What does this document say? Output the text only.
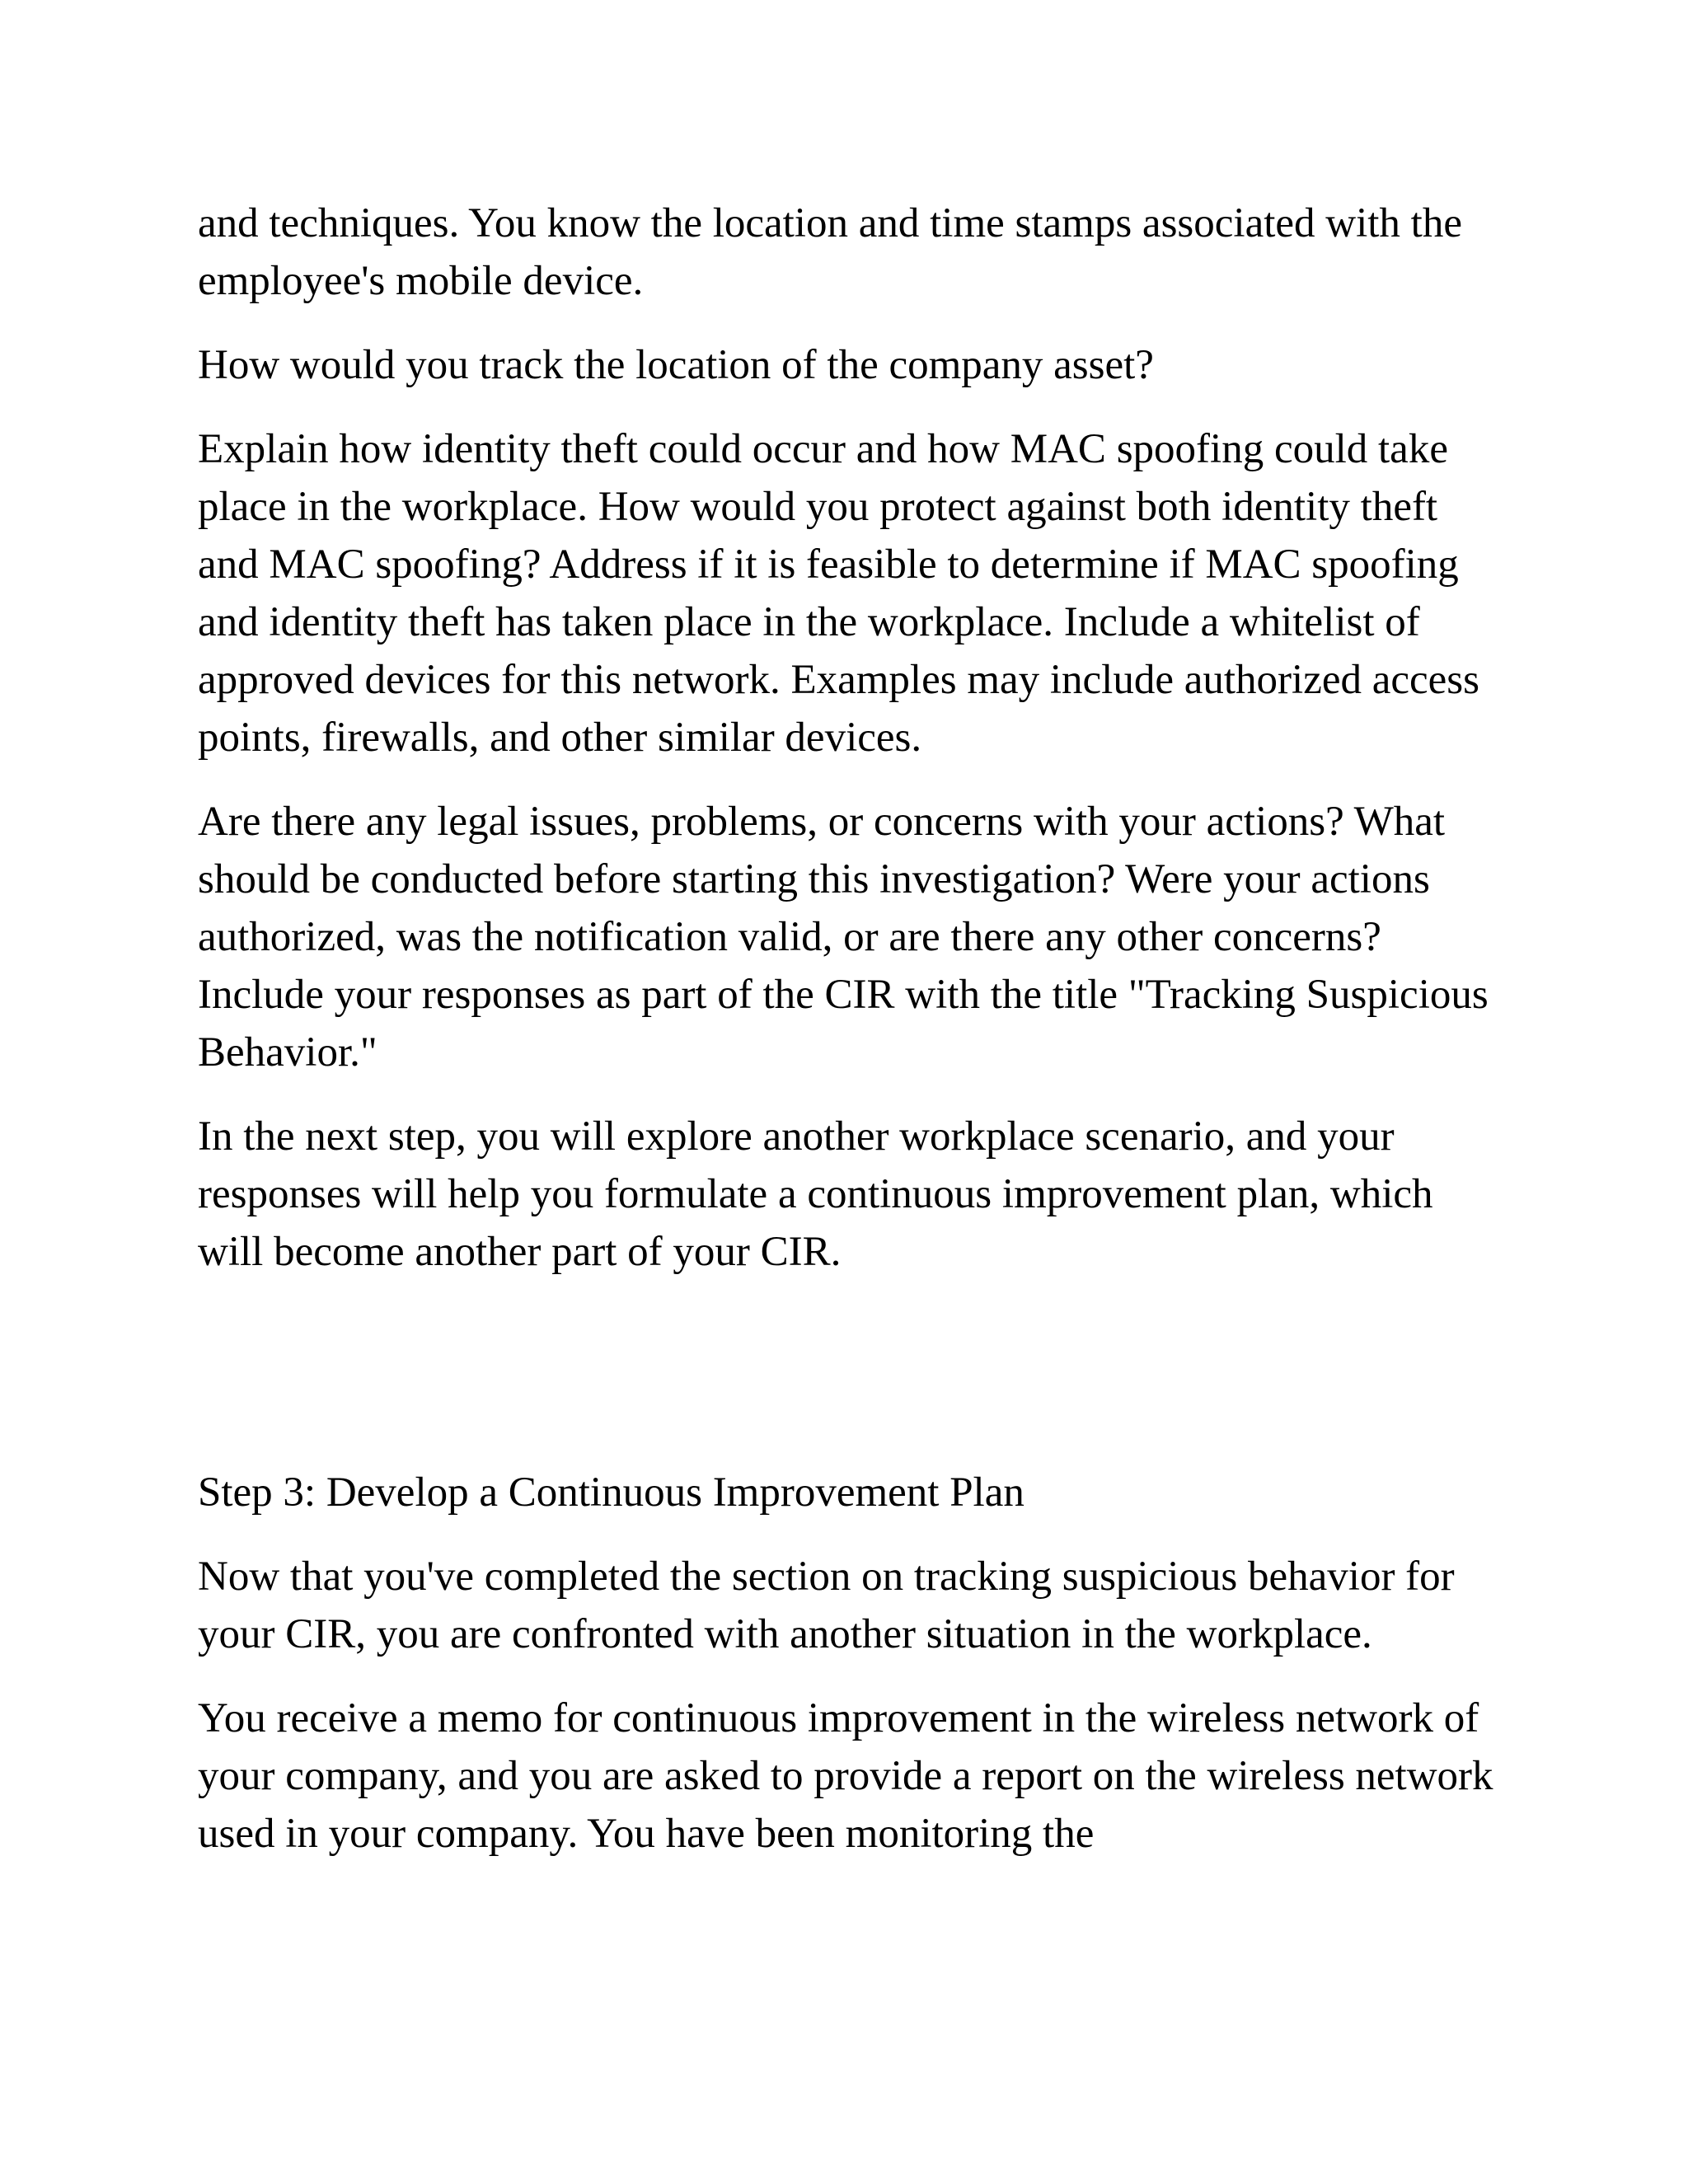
and techniques. You know the location and time stamps associated with the employee's mobile device.

How would you track the location of the company asset?

Explain how identity theft could occur and how MAC spoofing could take place in the workplace. How would you protect against both identity theft and MAC spoofing? Address if it is feasible to determine if MAC spoofing and identity theft has taken place in the workplace. Include a whitelist of approved devices for this network. Examples may include authorized access points, firewalls, and other similar devices.

Are there any legal issues, problems, or concerns with your actions? What should be conducted before starting this investigation? Were your actions authorized, was the notification valid, or are there any other concerns? Include your responses as part of the CIR with the title "Tracking Suspicious Behavior."

In the next step, you will explore another workplace scenario, and your responses will help you formulate a continuous improvement plan, which will become another part of your CIR.

Step 3: Develop a Continuous Improvement Plan

Now that you've completed the section on tracking suspicious behavior for your CIR, you are confronted with another situation in the workplace.

You receive a memo for continuous improvement in the wireless network of your company, and you are asked to provide a report on the wireless network used in your company. You have been monitoring the
